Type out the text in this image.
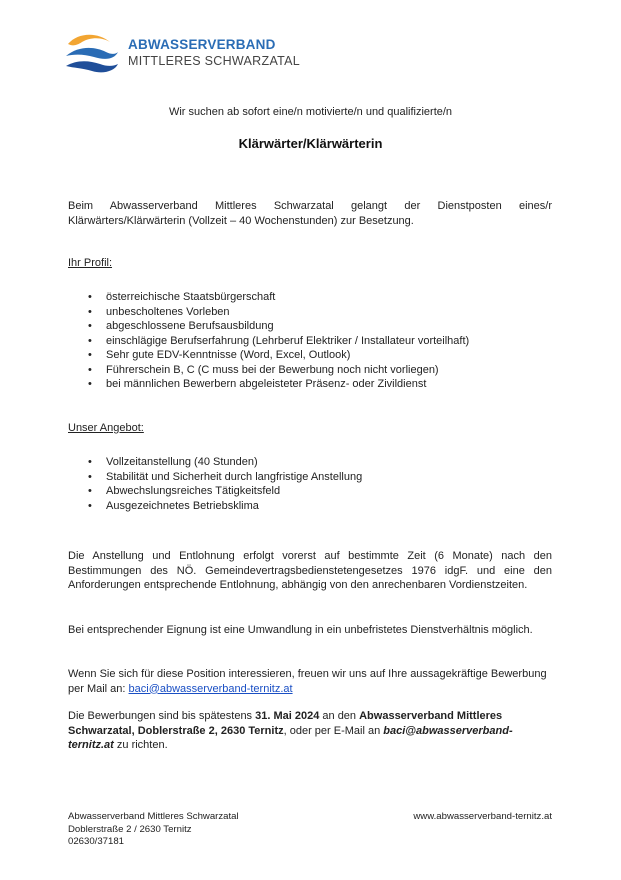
ABWASSERVERBAND
MITTLERES SCHWARZATAL
Wir suchen ab sofort eine/n motivierte/n und qualifizierte/n
Klärwärter/Klärwärterin
Beim Abwasserverband Mittleres Schwarzatal gelangt der Dienstposten eines/r Klärwärters/Klärwärterin (Vollzeit – 40 Wochenstunden) zur Besetzung.
Ihr Profil:
• österreichische Staatsbürgerschaft
• unbescholtenes Vorleben
• abgeschlossene Berufsausbildung
• einschlägige Berufserfahrung (Lehrberuf Elektriker / Installateur vorteilhaft)
• Sehr gute EDV-Kenntnisse (Word, Excel, Outlook)
• Führerschein B, C (C muss bei der Bewerbung noch nicht vorliegen)
• bei männlichen Bewerbern abgeleisteter Präsenz- oder Zivildienst
Unser Angebot:
• Vollzeitanstellung (40 Stunden)
• Stabilität und Sicherheit durch langfristige Anstellung
• Abwechslungsreiches Tätigkeitsfeld
• Ausgezeichnetes Betriebsklima
Die Anstellung und Entlohnung erfolgt vorerst auf bestimmte Zeit (6 Monate) nach den Bestimmungen des NÖ. Gemeindevertragsbedienstetengesetzes 1976 idgF. und eine den Anforderungen entsprechende Entlohnung, abhängig von den anrechenbaren Vordienstzeiten.
Bei entsprechender Eignung ist eine Umwandlung in ein unbefristetes Dienstverhältnis möglich.
Wenn Sie sich für diese Position interessieren, freuen wir uns auf Ihre aussagekräftige Bewerbung per Mail an: baci@abwasserverband-ternitz.at
Die Bewerbungen sind bis spätestens 31. Mai 2024 an den Abwasserverband Mittleres Schwarzatal, Doblerstraße 2, 2630 Ternitz, oder per E-Mail an baci@abwasserverband-ternitz.at zu richten.
Abwasserverband Mittleres Schwarzatal
Doblerstraße 2 / 2630 Ternitz
02630/37181
www.abwasserverband-ternitz.at
